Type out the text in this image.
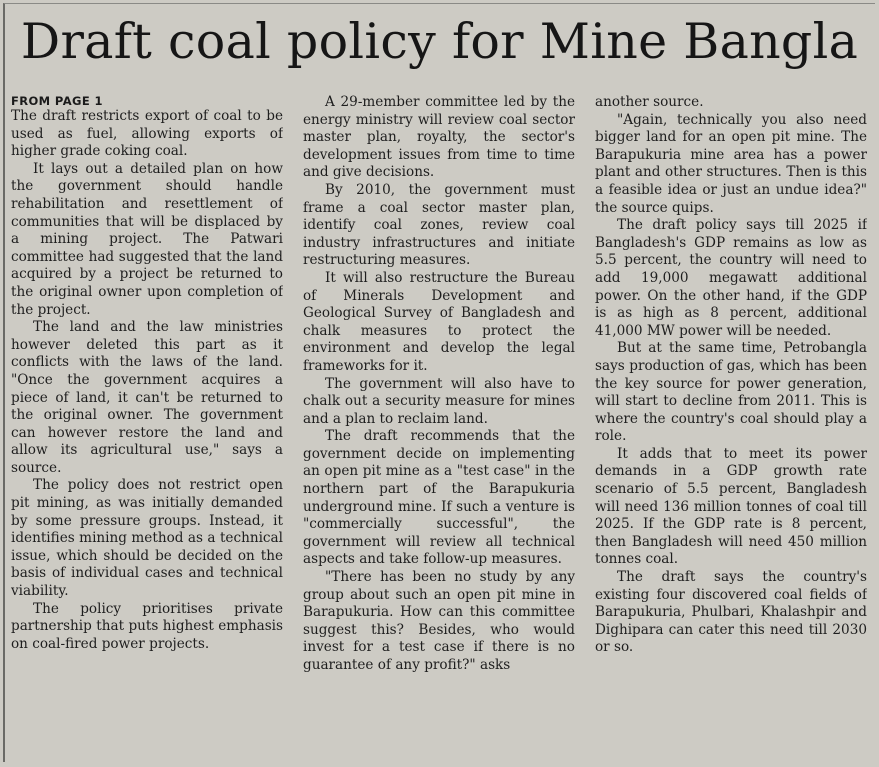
Draft coal policy for Mine Bangla
FROM PAGE 1

The draft restricts export of coal to be used as fuel, allowing exports of higher grade coking coal.

It lays out a detailed plan on how the government should handle rehabilitation and resettlement of communities that will be displaced by a mining project. The Patwari committee had suggested that the land acquired by a project be returned to the original owner upon completion of the project.

The land and the law ministries however deleted this part as it conflicts with the laws of the land. "Once the government acquires a piece of land, it can't be returned to the original owner. The government can however restore the land and allow its agricultural use," says a source.

The policy does not restrict open pit mining, as was initially demanded by some pressure groups. Instead, it identifies mining method as a technical issue, which should be decided on the basis of individual cases and technical viability.

The policy prioritises private partnership that puts highest emphasis on coal-fired power projects.

A 29-member committee led by the energy ministry will review coal sector master plan, royalty, the sector's development issues from time to time and give decisions.

By 2010, the government must frame a coal sector master plan, identify coal zones, review coal industry infrastructures and initiate restructuring measures.

It will also restructure the Bureau of Minerals Development and Geological Survey of Bangladesh and chalk measures to protect the environment and develop the legal frameworks for it.

The government will also have to chalk out a security measure for mines and a plan to reclaim land.

The draft recommends that the government decide on implementing an open pit mine as a "test case" in the northern part of the Barapukuria underground mine. If such a venture is "commercially successful", the government will review all technical aspects and take follow-up measures.

"There has been no study by any group about such an open pit mine in Barapukuria. How can this committee suggest this? Besides, who would invest for a test case if there is no guarantee of any profit?" asks

another source.

"Again, technically you also need bigger land for an open pit mine. The Barapukuria mine area has a power plant and other structures. Then is this a feasible idea or just an undue idea?" the source quips.

The draft policy says till 2025 if Bangladesh's GDP remains as low as 5.5 percent, the country will need to add 19,000 megawatt additional power. On the other hand, if the GDP is as high as 8 percent, additional 41,000 MW power will be needed.

But at the same time, Petrobangla says production of gas, which has been the key source for power generation, will start to decline from 2011. This is where the country's coal should play a role.

It adds that to meet its power demands in a GDP growth rate scenario of 5.5 percent, Bangladesh will need 136 million tonnes of coal till 2025. If the GDP rate is 8 percent, then Bangladesh will need 450 million tonnes coal.

The draft says the country's existing four discovered coal fields of Barapukuria, Phulbari, Khalashpir and Dighipara can cater this need till 2030 or so.
